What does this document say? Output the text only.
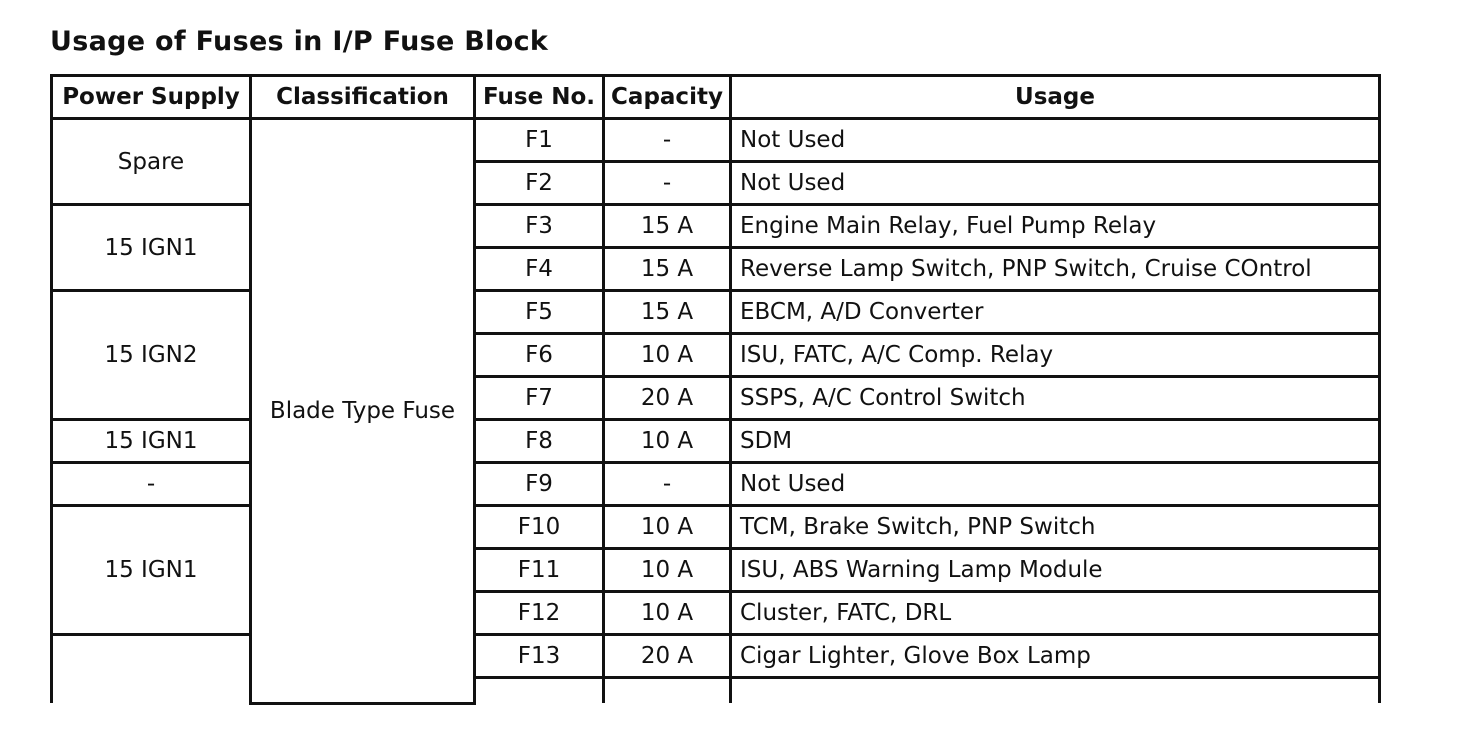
Usage of Fuses in I/P Fuse Block
Power Supply	Classification	Fuse No.	Capacity	Usage
Spare	Blade Type Fuse	F1	-	Not Used
		F2	-	Not Used
15 IGN1		F3	15 A	Engine Main Relay, Fuel Pump Relay
		F4	15 A	Reverse Lamp Switch, PNP Switch, Cruise COntrol
15 IGN2		F5	15 A	EBCM, A/D Converter
		F6	10 A	ISU, FATC, A/C Comp. Relay
		F7	20 A	SSPS, A/C Control Switch
15 IGN1		F8	10 A	SDM
-		F9	-	Not Used
15 IGN1		F10	10 A	TCM, Brake Switch, PNP Switch
		F11	10 A	ISU, ABS Warning Lamp Module
		F12	10 A	Cluster, FATC, DRL
		F13	20 A	Cigar Lighter, Glove Box Lamp
